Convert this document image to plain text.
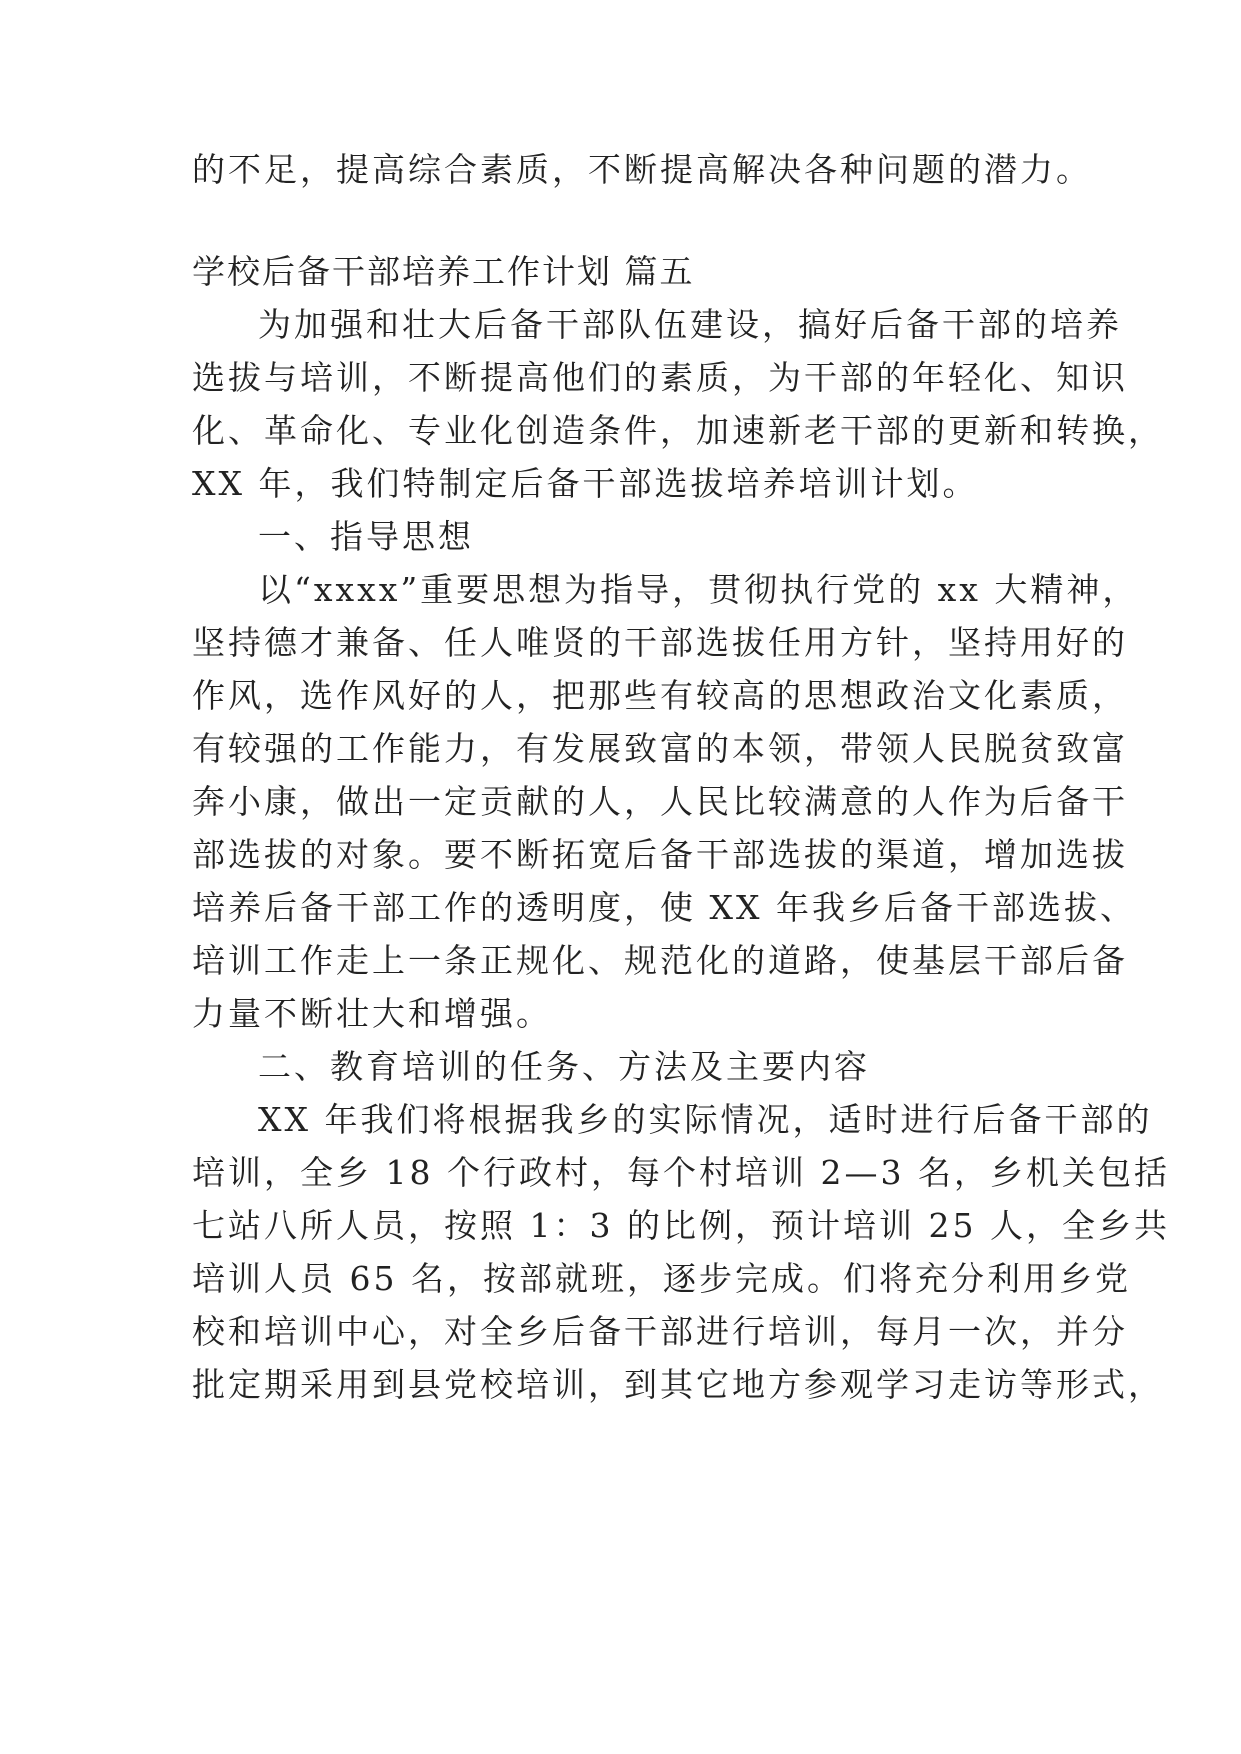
的不足，提高综合素质，不断提高解决各种问题的潜力。
学校后备干部培养工作计划 篇五
为加强和壮大后备干部队伍建设，搞好后备干部的培养
选拔与培训，不断提高他们的素质，为干部的年轻化、知识
化、革命化、专业化创造条件，加速新老干部的更新和转换，
XX 年，我们特制定后备干部选拔培养培训计划。
一、指导思想
以“xxxx”重要思想为指导，贯彻执行党的 xx 大精神，
坚持德才兼备、任人唯贤的干部选拔任用方针，坚持用好的
作风，选作风好的人，把那些有较高的思想政治文化素质，
有较强的工作能力，有发展致富的本领，带领人民脱贫致富
奔小康，做出一定贡献的人，人民比较满意的人作为后备干
部选拔的对象。要不断拓宽后备干部选拔的渠道，增加选拔
培养后备干部工作的透明度，使 XX 年我乡后备干部选拔、
培训工作走上一条正规化、规范化的道路，使基层干部后备
力量不断壮大和增强。
二、教育培训的任务、方法及主要内容
XX 年我们将根据我乡的实际情况，适时进行后备干部的
培训，全乡 18 个行政村，每个村培训 2—3 名，乡机关包括
七站八所人员，按照 1：3 的比例，预计培训 25 人，全乡共
培训人员 65 名，按部就班，逐步完成。们将充分利用乡党
校和培训中心，对全乡后备干部进行培训，每月一次，并分
批定期采用到县党校培训，到其它地方参观学习走访等形式，
